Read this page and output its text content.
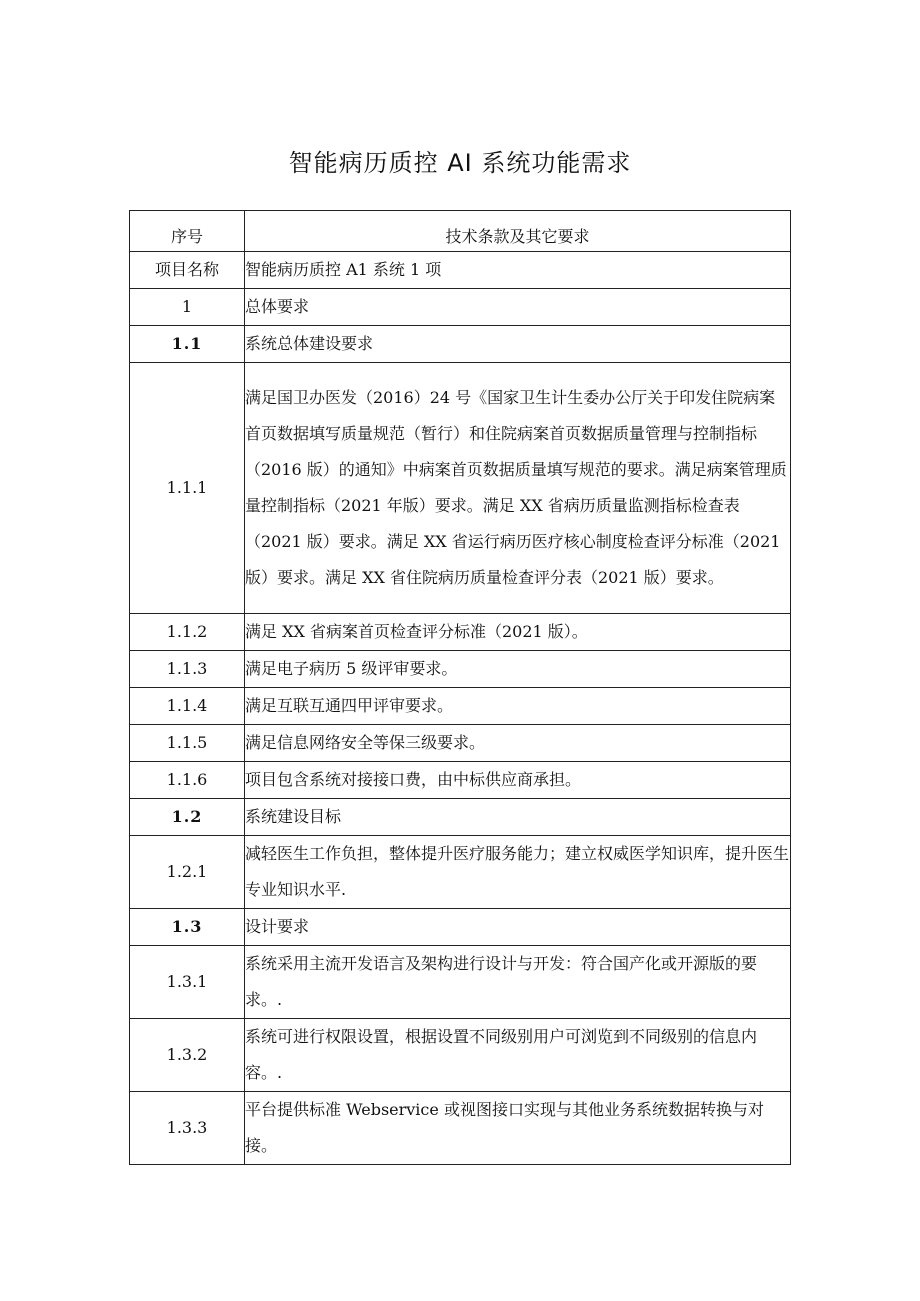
智能病历质控 AI 系统功能需求
序号	技术条款及其它要求
项目名称	智能病历质控 A1 系统 1 项
1	总体要求
1.1	系统总体建设要求
1.1.1	满足国卫办医发（2016）24 号《国家卫生计生委办公厅关于印发住院病案首页数据填写质量规范（暂行）和住院病案首页数据质量管理与控制指标（2016 版）的通知》中病案首页数据质量填写规范的要求。满足病案管理质量控制指标（2021 年版）要求。满足 XX 省病历质量监测指标检查表（2021 版）要求。满足 XX 省运行病历医疗核心制度检查评分标准（2021 版）要求。满足 XX 省住院病历质量检查评分表（2021 版）要求。
1.1.2	满足 XX 省病案首页检查评分标准（2021 版）。
1.1.3	满足电子病历 5 级评审要求。
1.1.4	满足互联互通四甲评审要求。
1.1.5	满足信息网络安全等保三级要求。
1.1.6	项目包含系统对接接口费，由中标供应商承担。
1.2	系统建设目标
1.2.1	减轻医生工作负担，整体提升医疗服务能力；建立权威医学知识库，提升医生专业知识水平.
1.3	设计要求
1.3.1	系统采用主流开发语言及架构进行设计与开发：符合国产化或开源版的要求。.
1.3.2	系统可进行权限设置，根据设置不同级别用户可浏览到不同级别的信息内容。.
1.3.3	平台提供标准 Webservice 或视图接口实现与其他业务系统数据转换与对接。
